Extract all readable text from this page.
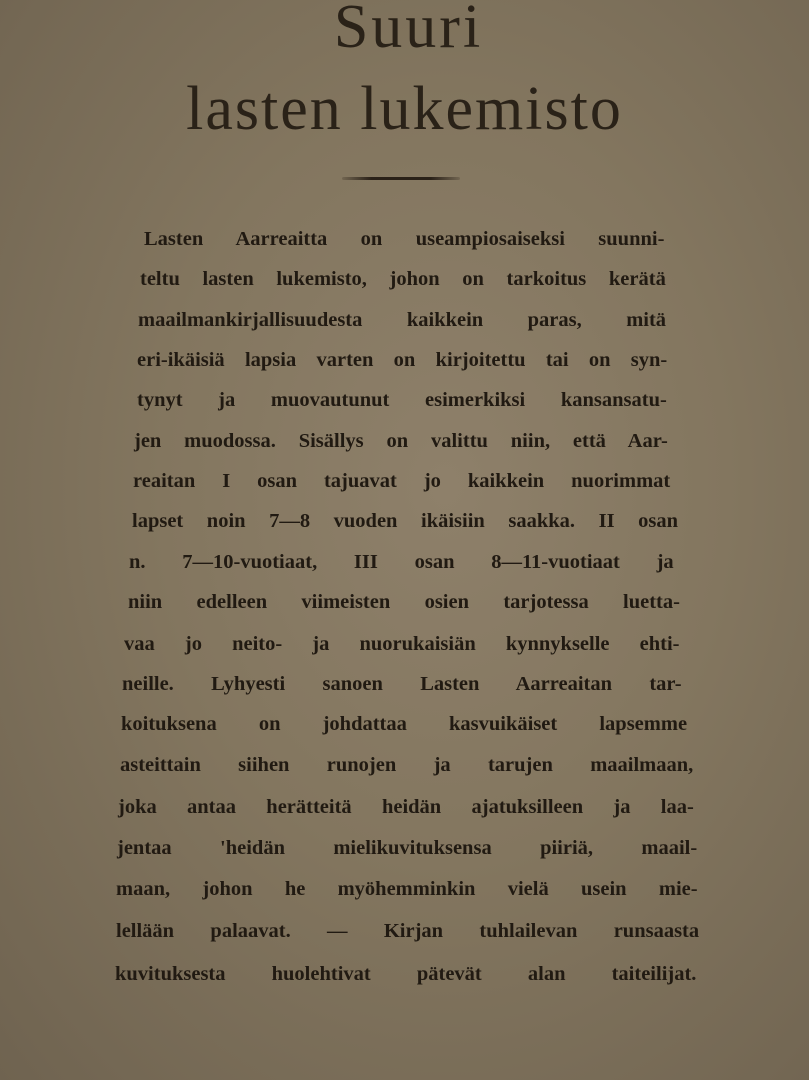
Suuri
lasten lukemisto
Lasten Aarreaitta on useampiosaiseksi suunni-
teltu lasten lukemisto, johon on tarkoitus kerätä
maailmankirjallisuudesta kaikkein paras, mitä
eri-ikäisiä lapsia varten on kirjoitettu tai on syn-
tynyt ja muovautunut esimerkiksi kansansatu-
jen muodossa. Sisällys on valittu niin, että Aar-
reaitan I osan tajuavat jo kaikkein nuorimmat
lapset noin 7—8 vuoden ikäisiin saakka. II osan
n. 7—10-vuotiaat, III osan 8—11-vuotiaat ja
niin edelleen viimeisten osien tarjotessa luetta-
vaa jo neito- ja nuorukaisiän kynnykselle ehti-
neille. Lyhyesti sanoen Lasten Aarreaitan tar-
koituksena on johdattaa kasvuikäiset lapsemme
asteittain siihen runojen ja tarujen maailmaan,
joka antaa herätteitä heidän ajatuksilleen ja laa-
jentaa 'heidän mielikuvituksensa piiriä, maail-
maan, johon he myöhemminkin vielä usein mie-
lellään palaavat. — Kirjan tuhlailevan runsaasta
kuvituksesta huolehtivat pätevät alan taiteilijat.
